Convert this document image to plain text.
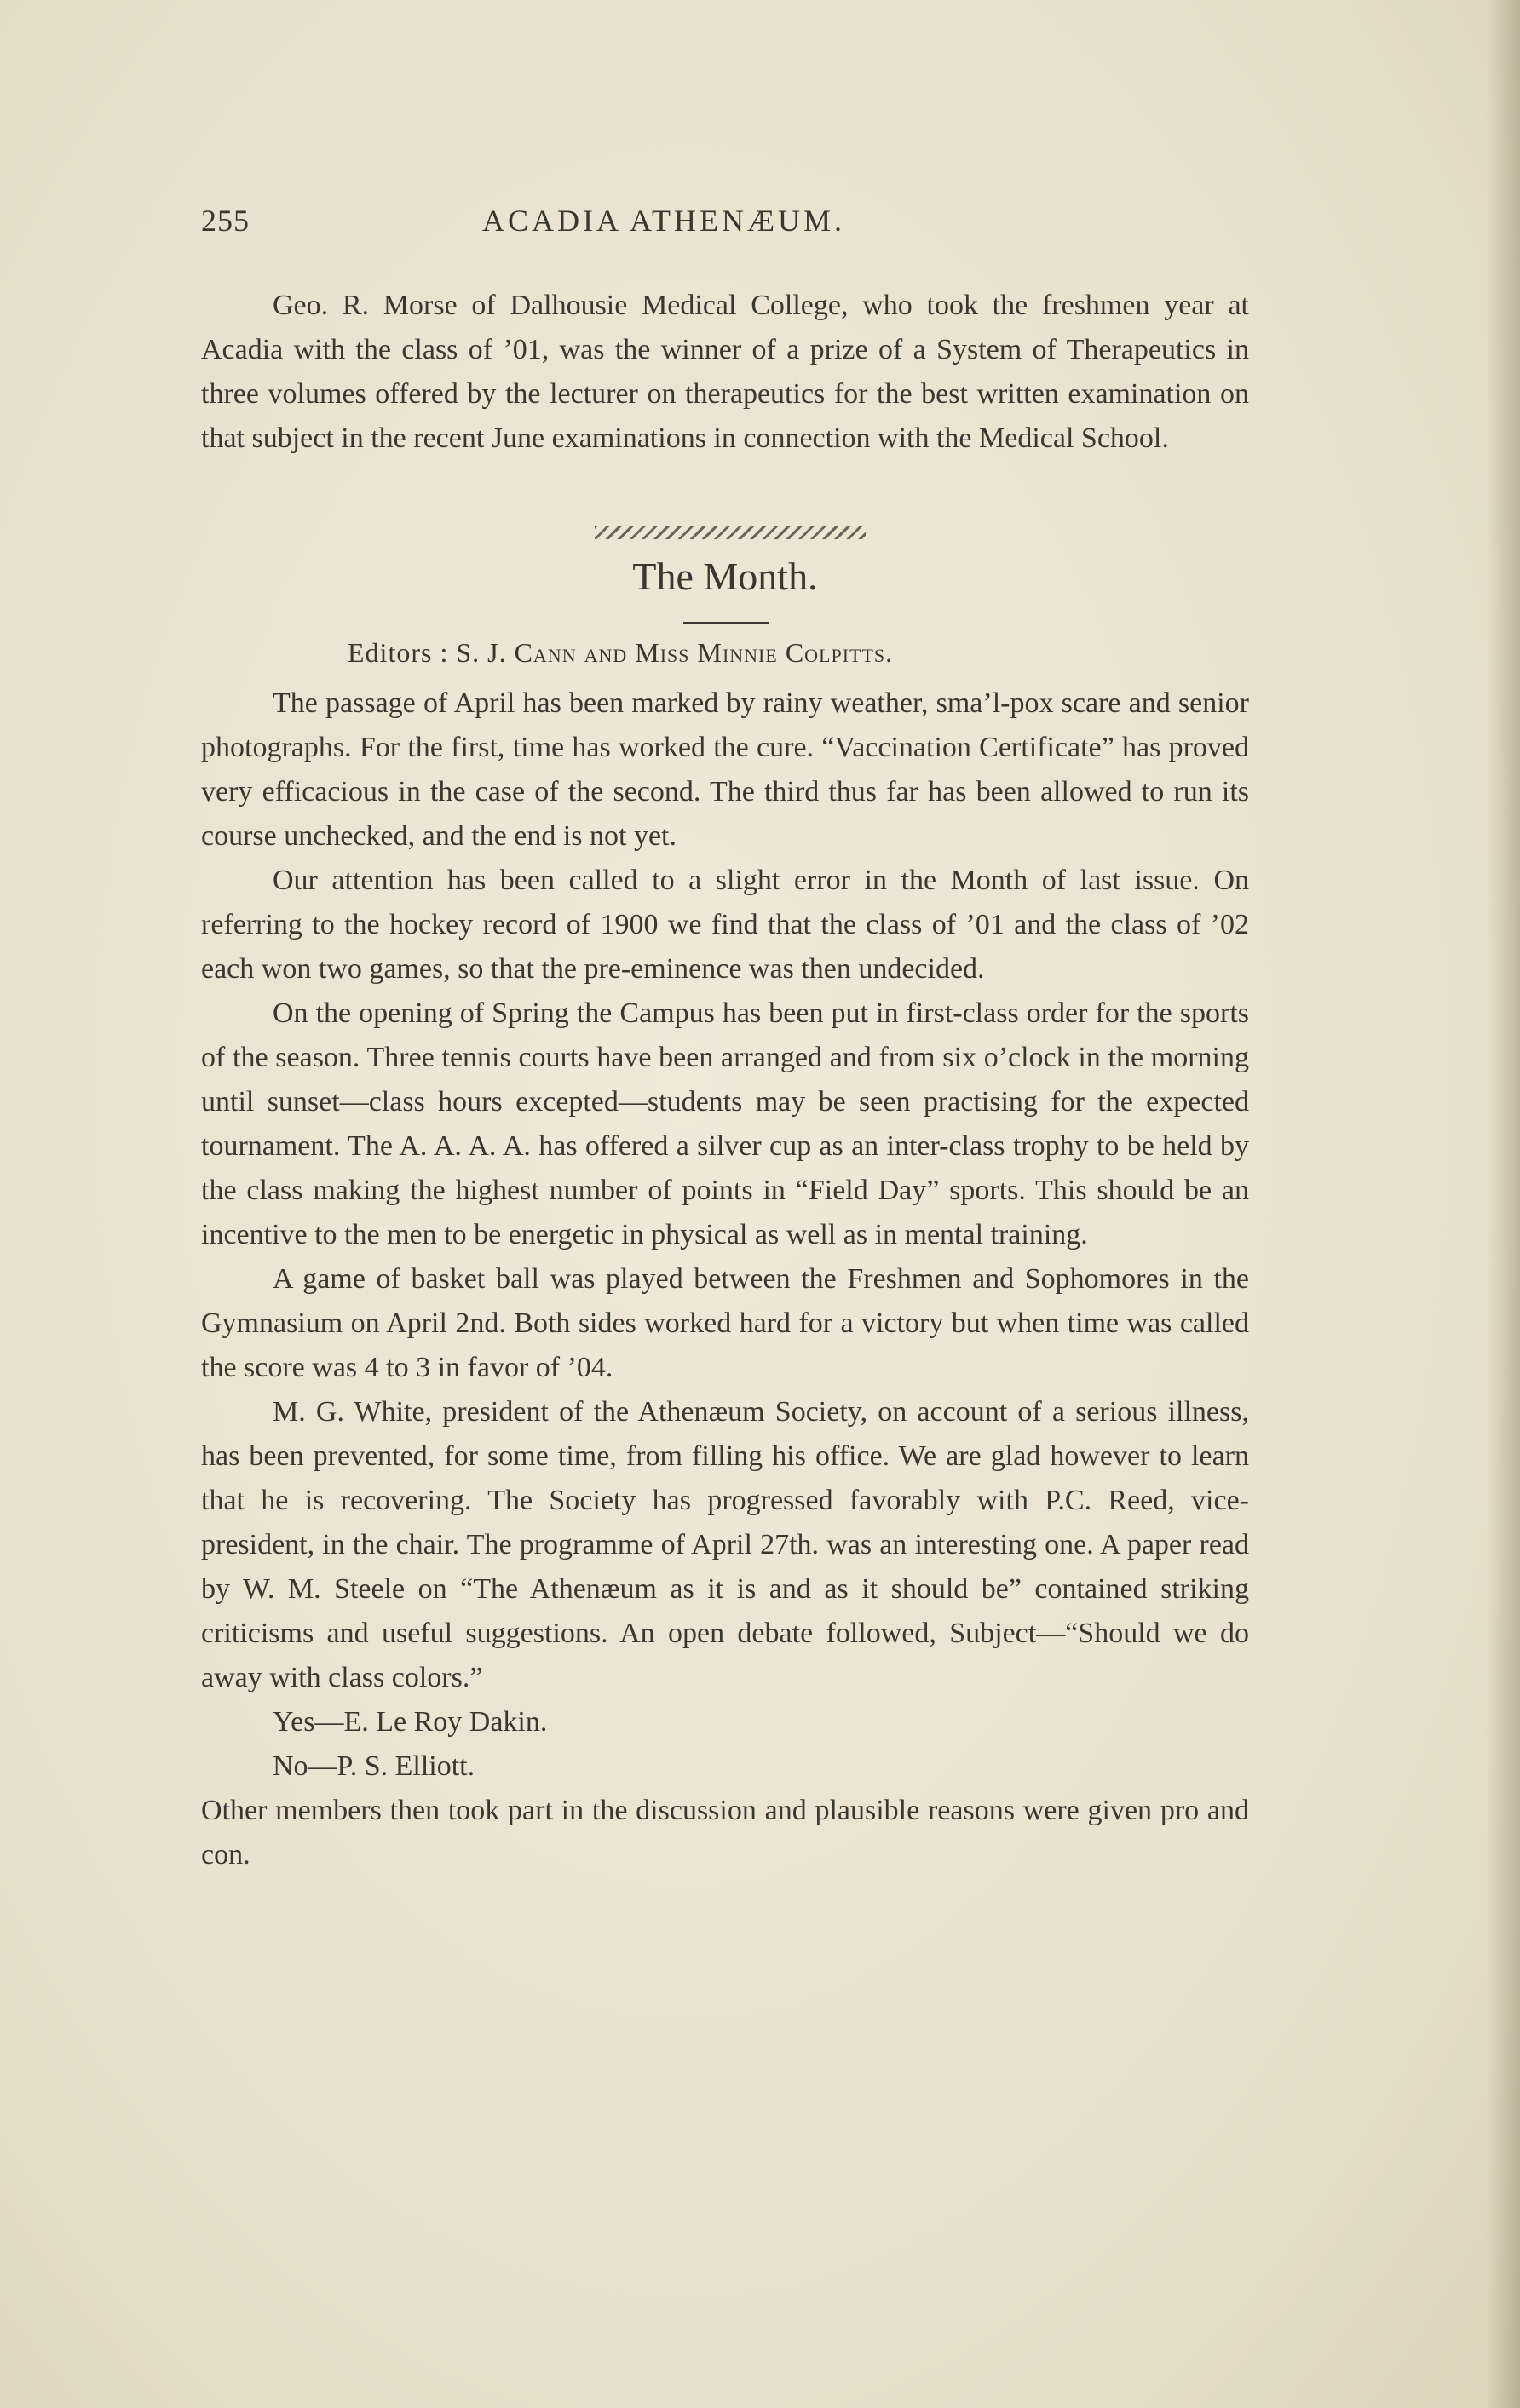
255	ACADIA ATHENÆUM.

Geo. R. Morse of Dalhousie Medical College, who took the freshmen year at Acadia with the class of ’01, was the winner of a prize of a System of Therapeutics in three volumes offered by the lecturer on therapeutics for the best written examination on that subject in the recent June examinations in connection with the Medical School.

The Month.
Editors : S. J. Cann and Miss Minnie Colpitts.

The passage of April has been marked by rainy weather, sma’l-pox scare and senior photographs. For the first, time has worked the cure. “Vaccination Certificate” has proved very efficacious in the case of the second. The third thus far has been allowed to run its course unchecked, and the end is not yet.

Our attention has been called to a slight error in the Month of last issue. On referring to the hockey record of 1900 we find that the class of ’01 and the class of ’02 each won two games, so that the pre-eminence was then undecided.

On the opening of Spring the Campus has been put in first-class order for the sports of the season. Three tennis courts have been arranged and from six o’clock in the morning until sunset—class hours excepted—students may be seen practising for the expected tournament. The A. A. A. A. has offered a silver cup as an inter-class trophy to be held by the class making the highest number of points in “Field Day” sports. This should be an incentive to the men to be energetic in physical as well as in mental training.

A game of basket ball was played between the Freshmen and Sophomores in the Gymnasium on April 2nd. Both sides worked hard for a victory but when time was called the score was 4 to 3 in favor of ’04.

M. G. White, president of the Athenæum Society, on account of a serious illness, has been prevented, for some time, from filling his office. We are glad however to learn that he is recovering. The Society has progressed favorably with P.C. Reed, vice-president, in the chair. The programme of April 27th. was an interesting one. A paper read by W. M. Steele on “The Athenæum as it is and as it should be” contained striking criticisms and useful suggestions. An open debate followed, Subject—“Should we do away with class colors.”

Yes—E. Le Roy Dakin.

No—P. S. Elliott.

Other members then took part in the discussion and plausible reasons were given pro and con.
